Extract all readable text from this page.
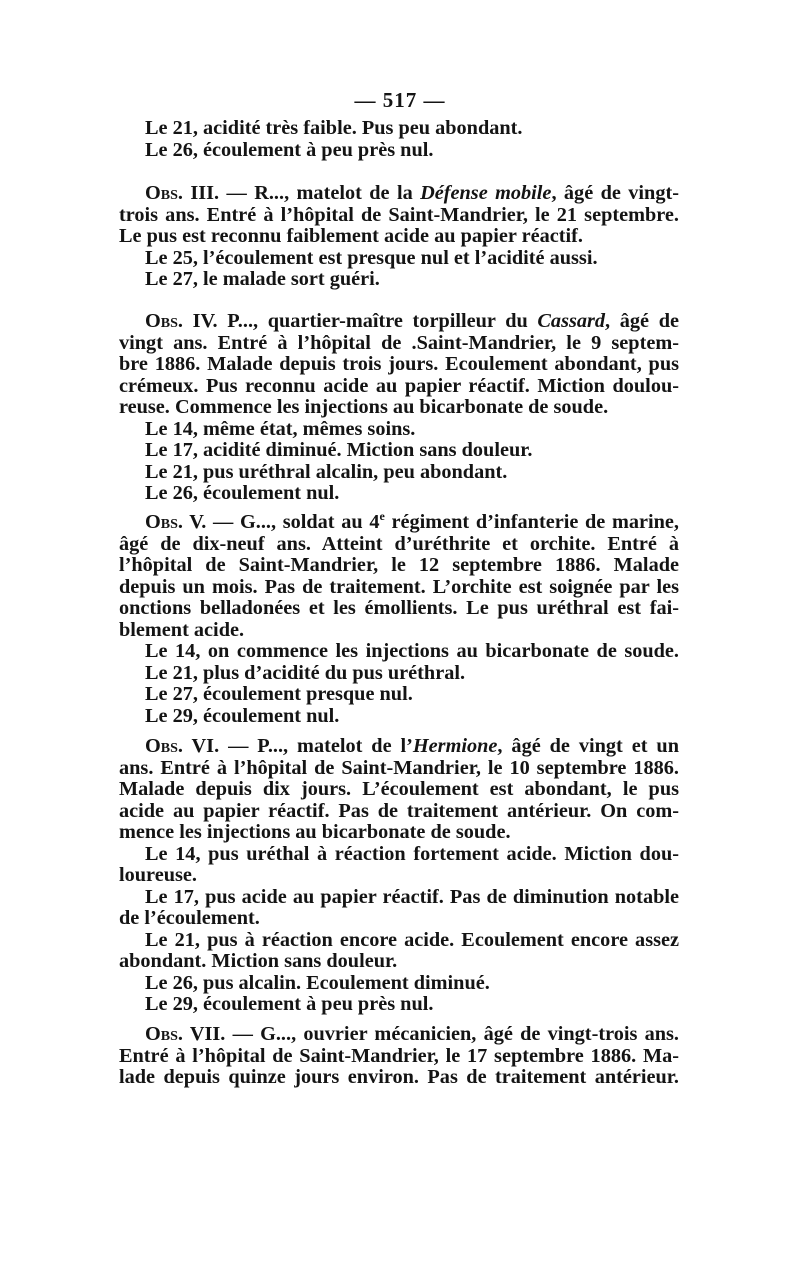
— 517 —
Le 21, acidité très faible. Pus peu abondant.
Le 26, écoulement à peu près nul.
Obs. III. — R..., matelot de la Défense mobile, âgé de vingt-
trois ans. Entré à l’hôpital de Saint-Mandrier, le 21 septembre.
Le pus est reconnu faiblement acide au papier réactif.
Le 25, l’écoulement est presque nul et l’acidité aussi.
Le 27, le malade sort guéri.
Obs. IV. P..., quartier-maître torpilleur du Cassard, âgé de
vingt ans. Entré à l’hôpital de .Saint-Mandrier, le 9 septem-
bre 1886. Malade depuis trois jours. Ecoulement abondant, pus
crémeux. Pus reconnu acide au papier réactif. Miction doulou-
reuse. Commence les injections au bicarbonate de soude.
Le 14, même état, mêmes soins.
Le 17, acidité diminué. Miction sans douleur.
Le 21, pus uréthral alcalin, peu abondant.
Le 26, écoulement nul.
Obs. V. — G..., soldat au 4e régiment d’infanterie de marine,
âgé de dix-neuf ans. Atteint d’uréthrite et orchite. Entré à
l’hôpital de Saint-Mandrier, le 12 septembre 1886. Malade
depuis un mois. Pas de traitement. L’orchite est soignée par les
onctions belladonées et les émollients. Le pus uréthral est fai-
blement acide.
Le 14, on commence les injections au bicarbonate de soude.
Le 21, plus d’acidité du pus uréthral.
Le 27, écoulement presque nul.
Le 29, écoulement nul.
Obs. VI. — P..., matelot de l’Hermione, âgé de vingt et un
ans. Entré à l’hôpital de Saint-Mandrier, le 10 septembre 1886.
Malade depuis dix jours. L’écoulement est abondant, le pus
acide au papier réactif. Pas de traitement antérieur. On com-
mence les injections au bicarbonate de soude.
Le 14, pus uréthal à réaction fortement acide. Miction dou-
loureuse.
Le 17, pus acide au papier réactif. Pas de diminution notable
de l’écoulement.
Le 21, pus à réaction encore acide. Ecoulement encore assez
abondant. Miction sans douleur.
Le 26, pus alcalin. Ecoulement diminué.
Le 29, écoulement à peu près nul.
Obs. VII. — G..., ouvrier mécanicien, âgé de vingt-trois ans.
Entré à l’hôpital de Saint-Mandrier, le 17 septembre 1886. Ma-
lade depuis quinze jours environ. Pas de traitement antérieur.
